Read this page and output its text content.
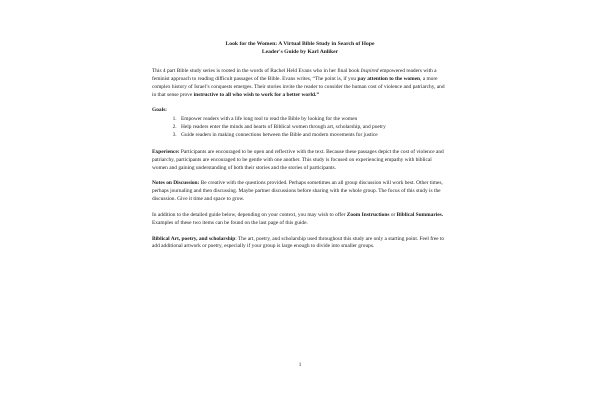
Look for the Women: A Virtual Bible Study in Search of Hope
Leader's Guide by Karl Anliker

This 4 part Bible study series is rooted in the words of Rachel Held Evans who in her final book Inspired empowered readers with a feminist approach to reading difficult passages of the Bible. Evans writes, “The point is, if you pay attention to the women, a more complex history of Israel’s conquests emerges. Their stories invite the reader to consider the human cost of violence and patriarchy, and in that sense prove instructive to all who wish to work for a better world.”

Goals:
1. Empower readers with a life long tool to read the Bible by looking for the women
2. Help readers enter the minds and hearts of Biblical women through art, scholarship, and poetry
3. Guide readers in making connections between the Bible and modern movements for justice

Experience: Participants are encouraged to be open and reflective with the text. Because these passages depict the cost of violence and patriarchy, participants are encouraged to be gentle with one another. This study is focused on experiencing empathy with biblical women and gaining understanding of both their stories and the stories of participants.

Notes on Discussion: Be creative with the questions provided. Perhaps sometimes an all group discussion will work best. Other times, perhaps journaling and then discussing. Maybe partner discussions before sharing with the whole group. The focus of this study is the discussion. Give it time and space to grow.

In addition to the detailed guide below, depending on your context, you may wish to offer Zoom Instructions or Biblical Summaries. Examples of these two items can be found on the last page of this guide.

Biblical Art, poetry, and scholarship: The art, poetry, and scholarship used throughout this study are only a starting point. Feel free to add additional artwork or poetry, especially if your group is large enough to divide into smaller groups.

1
